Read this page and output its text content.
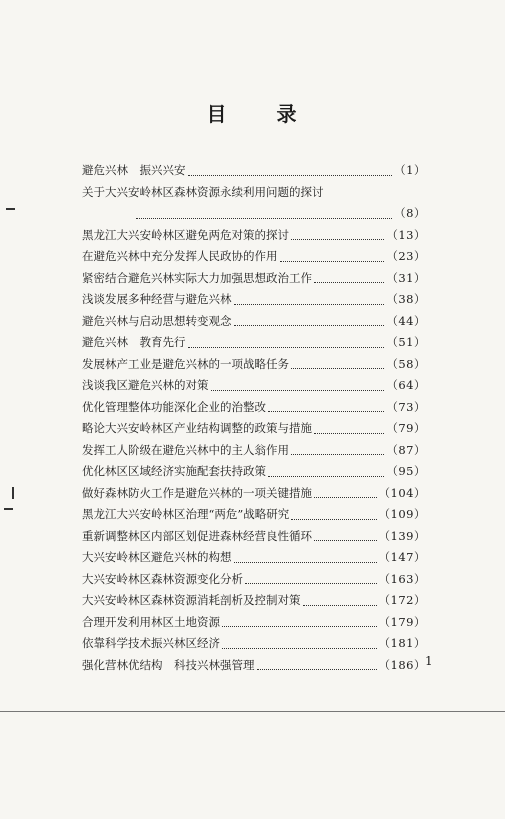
目 录
避危兴林　振兴兴安	（1）
关于大兴安岭林区森林资源永续利用问题的探讨
（8）
黑龙江大兴安岭林区避免两危对策的探讨	（13）
在避危兴林中充分发挥人民政协的作用	（23）
紧密结合避危兴林实际大力加强思想政治工作	（31）
浅谈发展多种经营与避危兴林	（38）
避危兴林与启动思想转变观念	（44）
避危兴林　教育先行	（51）
发展林产工业是避危兴林的一项战略任务	（58）
浅谈我区避危兴林的对策	（64）
优化管理整体功能深化企业的治整改	（73）
略论大兴安岭林区产业结构调整的政策与措施	（79）
发挥工人阶级在避危兴林中的主人翁作用	（87）
优化林区区域经济实施配套扶持政策	（95）
做好森林防火工作是避危兴林的一项关键措施	（104）
黑龙江大兴安岭林区治理“两危”战略研究	（109）
重新调整林区内部区划促进森林经营良性循环	（139）
大兴安岭林区避危兴林的构想	（147）
大兴安岭林区森林资源变化分析	（163）
大兴安岭林区森林资源消耗剖析及控制对策	（172）
合理开发利用林区土地资源	（179）
依靠科学技术振兴林区经济	（181）
强化营林优结构　科技兴林强管理	（186） 1
